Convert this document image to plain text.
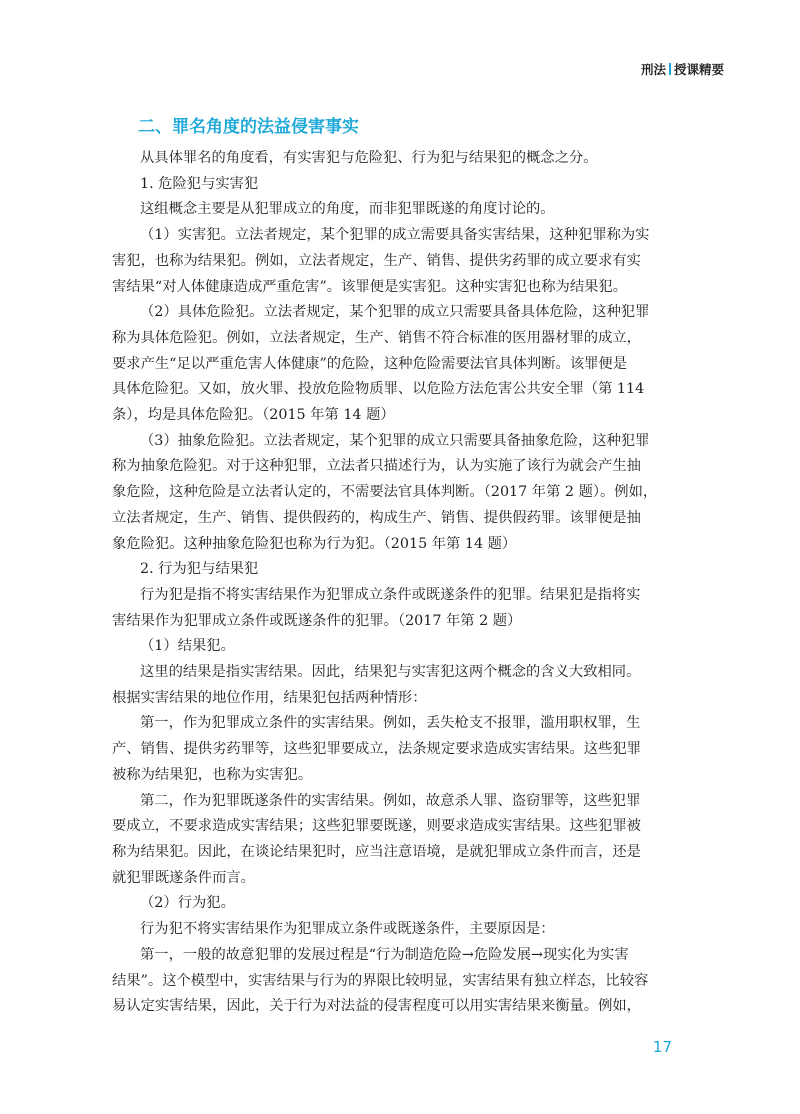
刑法 授课精要
二、罪名角度的法益侵害事实

从具体罪名的角度看，有实害犯与危险犯、行为犯与结果犯的概念之分。

1. 危险犯与实害犯

这组概念主要是从犯罪成立的角度，而非犯罪既遂的角度讨论的。

（1）实害犯。立法者规定，某个犯罪的成立需要具备实害结果，这种犯罪称为实

害犯，也称为结果犯。例如，立法者规定，生产、销售、提供劣药罪的成立要求有实

害结果“对人体健康造成严重危害”。该罪便是实害犯。这种实害犯也称为结果犯。

（2）具体危险犯。立法者规定，某个犯罪的成立只需要具备具体危险，这种犯罪

称为具体危险犯。例如，立法者规定，生产、销售不符合标准的医用器材罪的成立，

要求产生“足以严重危害人体健康”的危险，这种危险需要法官具体判断。该罪便是

具体危险犯。又如，放火罪、投放危险物质罪、以危险方法危害公共安全罪（第 114

条），均是具体危险犯。（2015 年第 14 题）

（3）抽象危险犯。立法者规定，某个犯罪的成立只需要具备抽象危险，这种犯罪

称为抽象危险犯。对于这种犯罪，立法者只描述行为，认为实施了该行为就会产生抽

象危险，这种危险是立法者认定的，不需要法官具体判断。（2017 年第 2 题）。例如，

立法者规定，生产、销售、提供假药的，构成生产、销售、提供假药罪。该罪便是抽

象危险犯。这种抽象危险犯也称为行为犯。（2015 年第 14 题）

2. 行为犯与结果犯

行为犯是指不将实害结果作为犯罪成立条件或既遂条件的犯罪。结果犯是指将实

害结果作为犯罪成立条件或既遂条件的犯罪。（2017 年第 2 题）

（1）结果犯。

这里的结果是指实害结果。因此，结果犯与实害犯这两个概念的含义大致相同。

根据实害结果的地位作用，结果犯包括两种情形：

第一，作为犯罪成立条件的实害结果。例如，丢失枪支不报罪，滥用职权罪，生

产、销售、提供劣药罪等，这些犯罪要成立，法条规定要求造成实害结果。这些犯罪

被称为结果犯，也称为实害犯。

第二，作为犯罪既遂条件的实害结果。例如，故意杀人罪、盗窃罪等，这些犯罪

要成立，不要求造成实害结果；这些犯罪要既遂，则要求造成实害结果。这些犯罪被

称为结果犯。因此，在谈论结果犯时，应当注意语境，是就犯罪成立条件而言，还是

就犯罪既遂条件而言。

（2）行为犯。

行为犯不将实害结果作为犯罪成立条件或既遂条件，主要原因是：

第一，一般的故意犯罪的发展过程是“行为制造危险→危险发展→现实化为实害

结果”。这个模型中，实害结果与行为的界限比较明显，实害结果有独立样态，比较容

易认定实害结果，因此，关于行为对法益的侵害程度可以用实害结果来衡量。例如，

17
